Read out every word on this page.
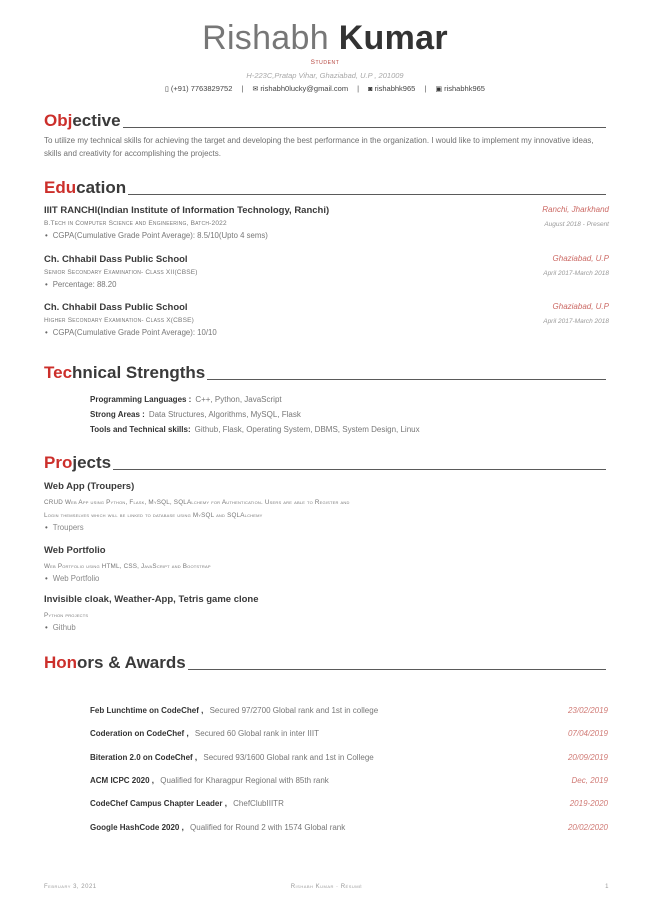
Rishabh Kumar
Student
H-223C,Pratap Vihar, Ghaziabad, U.P , 201009
▯ (+91) 7763829752 | ✉ rishabh0lucky@gmail.com | ◙ rishabhk965 | ▣ rishabhk965
Objective
To utilize my technical skills for achieving the target and developing the best performance in the organization. I would like to implement my innovative ideas, skills and creativity for accomplishing the projects.
Education
IIIT RANCHI(Indian Institute of Information Technology, Ranchi)	Ranchi, Jharkhand
B.Tech in Computer Science and Engineering, Batch-2022	August 2018 - Present
• CGPA(Cumulative Grade Point Average): 8.5/10(Upto 4 sems)
Ch. Chhabil Dass Public School	Ghaziabad, U.P
Senior Secondary Examination- Class XII(CBSE)	April 2017-March 2018
• Percentage: 88.20
Ch. Chhabil Dass Public School	Ghaziabad, U.P
Higher Secondary Examination- Class X(CBSE)	April 2017-March 2018
• CGPA(Cumulative Grade Point Average): 10/10
Technical Strengths
Programming Languages : C++, Python, JavaScript
Strong Areas : Data Structures, Algorithms, MySQL, Flask
Tools and Technical skills: Github, Flask, Operating System, DBMS, System Design, Linux
Projects
Web App (Troupers)
CRUD Web App using Python, Flask, MySQL, SQLAlchemy for Authentication. Users are able to Register and
Login themselves which will be linked to database using MySQL and SQLAlchemy
• Troupers
Web Portfolio
Web Portfolio using HTML, CSS, JavaScript and Bootstrap
• Web Portfolio
Invisible cloak, Weather-App, Tetris game clone
Python projects
• Github
Honors & Awards
Feb Lunchtime on CodeChef , Secured 97/2700 Global rank and 1st in college	23/02/2019
Coderation on CodeChef , Secured 60 Global rank in inter IIIT	07/04/2019
Biteration 2.0 on CodeChef , Secured 93/1600 Global rank and 1st in College	20/09/2019
ACM ICPC 2020 , Qualified for Kharagpur Regional with 85th rank	Dec, 2019
CodeChef Campus Chapter Leader , ChefClubIIITR	2019-2020
Google HashCode 2020 , Qualified for Round 2 with 1574 Global rank	20/02/2020
February 3, 2021	Rishabh Kumar · Résumé	1
